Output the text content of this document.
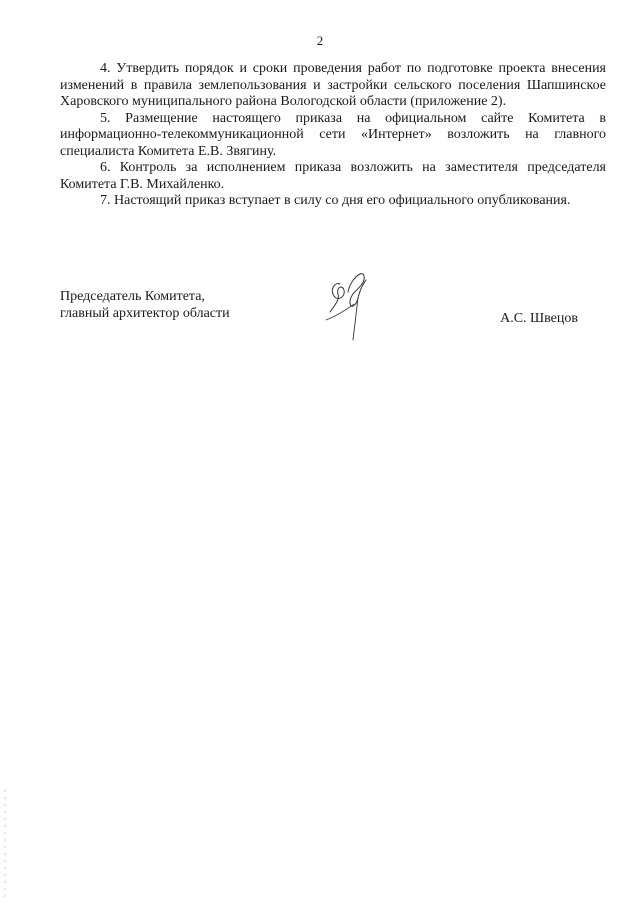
2

4. Утвердить порядок и сроки проведения работ по подготовке проекта внесения изменений в правила землепользования и застройки сельского поселения Шапшинское Харовского муниципального района Вологодской области (приложение 2).

5. Размещение настоящего приказа на официальном сайте Комитета в информационно-телекоммуникационной сети «Интернет» возложить на главного специалиста Комитета Е.В. Звягину.

6. Контроль за исполнением приказа возложить на заместителя председателя Комитета Г.В. Михайленко.

7. Настоящий приказ вступает в силу со дня его официального опубликования.

Председатель Комитета,
главный архитектор области	А.С. Швецов
